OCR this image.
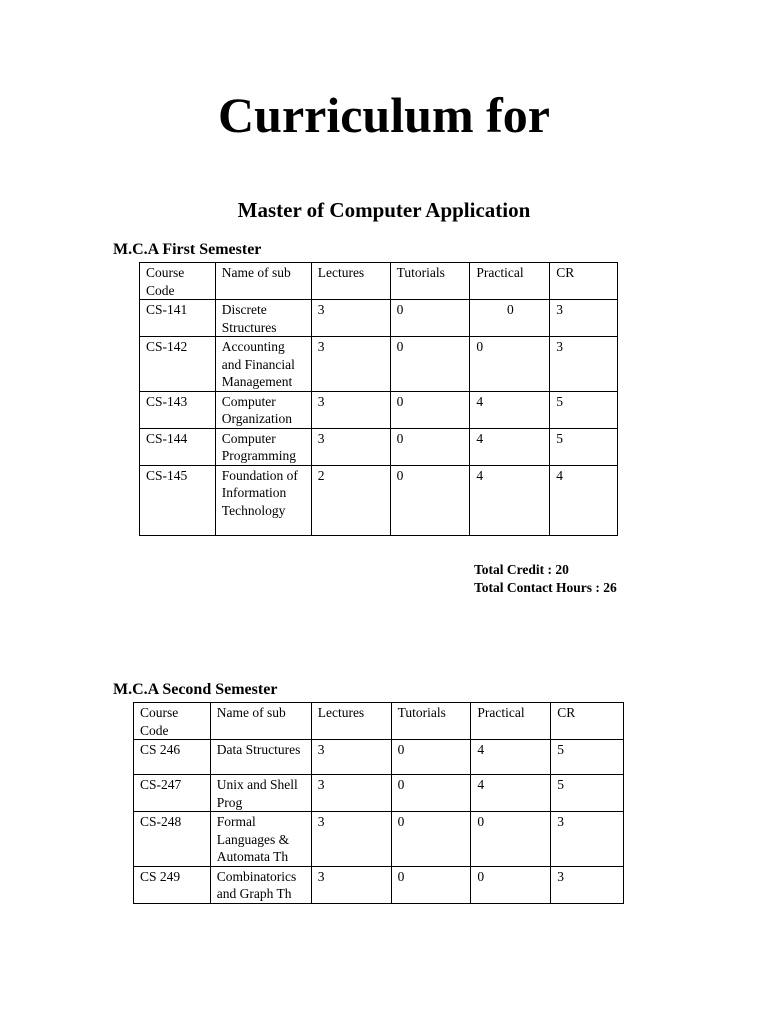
Curriculum for
Master of Computer Application
M.C.A First Semester
Course Code	Name of sub	Lectures	Tutorials	Practical	CR
CS-141	Discrete Structures	3	0	0	3
CS-142	Accounting and Financial Management	3	0	0	3
CS-143	Computer Organization	3	0	4	5
CS-144	Computer Programming	3	0	4	5
CS-145	Foundation of Information Technology	2	0	4	4
Total Credit : 20
Total Contact Hours : 26
M.C.A Second Semester
Course Code	Name of sub	Lectures	Tutorials	Practical	CR
CS 246	Data Structures	3	0	4	5
CS-247	Unix and Shell Prog	3	0	4	5
CS-248	Formal Languages & Automata Th	3	0	0	3
CS 249	Combinatorics and Graph Th	3	0	0	3
